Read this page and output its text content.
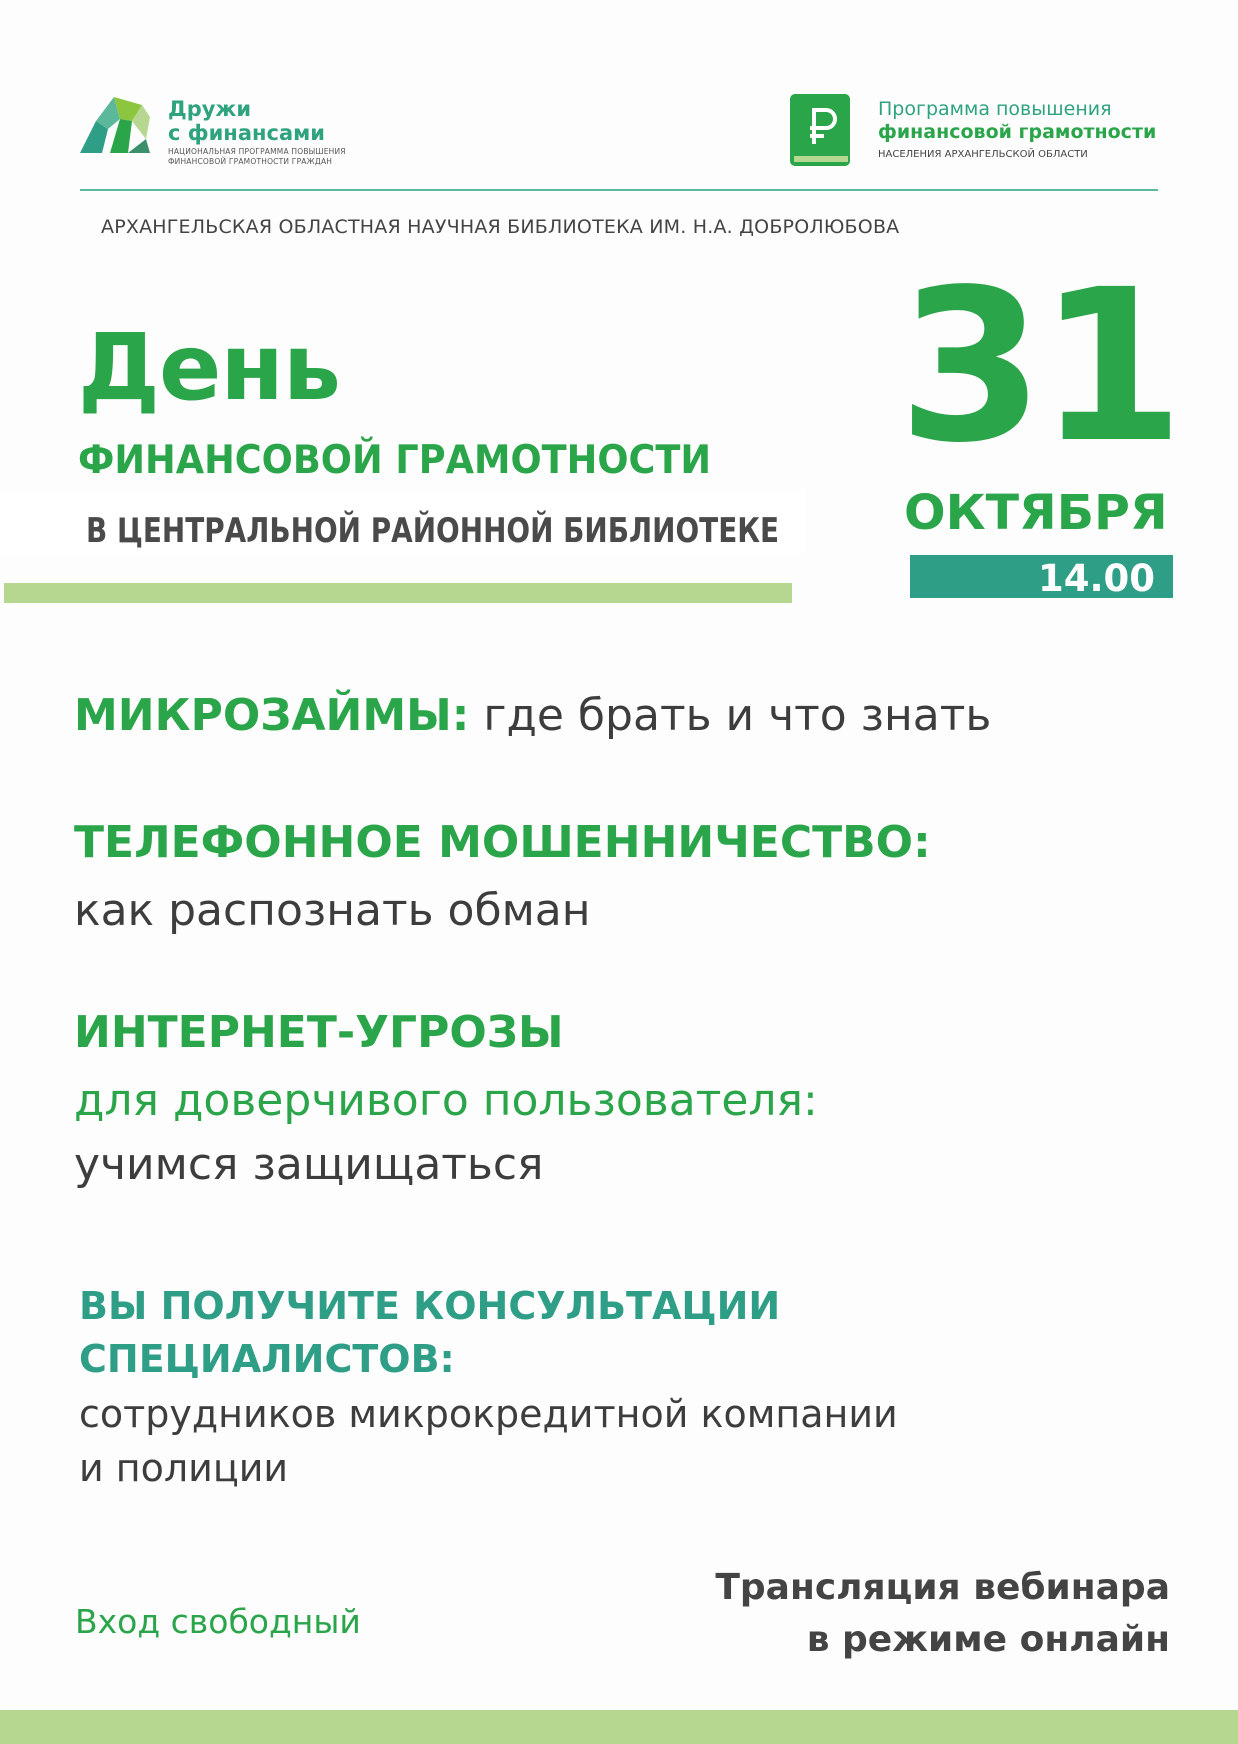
Дружи
с финансами
НАЦИОНАЛЬНАЯ ПРОГРАММА ПОВЫШЕНИЯ
ФИНАНСОВОЙ ГРАМОТНОСТИ ГРАЖДАН
Программа повышения
финансовой грамотности
НАСЕЛЕНИЯ АРХАНГЕЛЬСКОЙ ОБЛАСТИ
АРХАНГЕЛЬСКАЯ ОБЛАСТНАЯ НАУЧНАЯ БИБЛИОТЕКА ИМ. Н.А. ДОБРОЛЮБОВА
День
ФИНАНСОВОЙ ГРАМОТНОСТИ
В ЦЕНТРАЛЬНОЙ РАЙОННОЙ БИБЛИОТЕКЕ
31
ОКТЯБРЯ
14.00
МИКРОЗАЙМЫ: где брать и что знать
ТЕЛЕФОННОЕ МОШЕННИЧЕСТВО:
как распознать обман
ИНТЕРНЕТ-УГРОЗЫ
для доверчивого пользователя:
учимся защищаться
ВЫ ПОЛУЧИТЕ КОНСУЛЬТАЦИИ
СПЕЦИАЛИСТОВ:
сотрудников микрокредитной компании
и полиции
Вход свободный
Трансляция вебинара
в режиме онлайн
